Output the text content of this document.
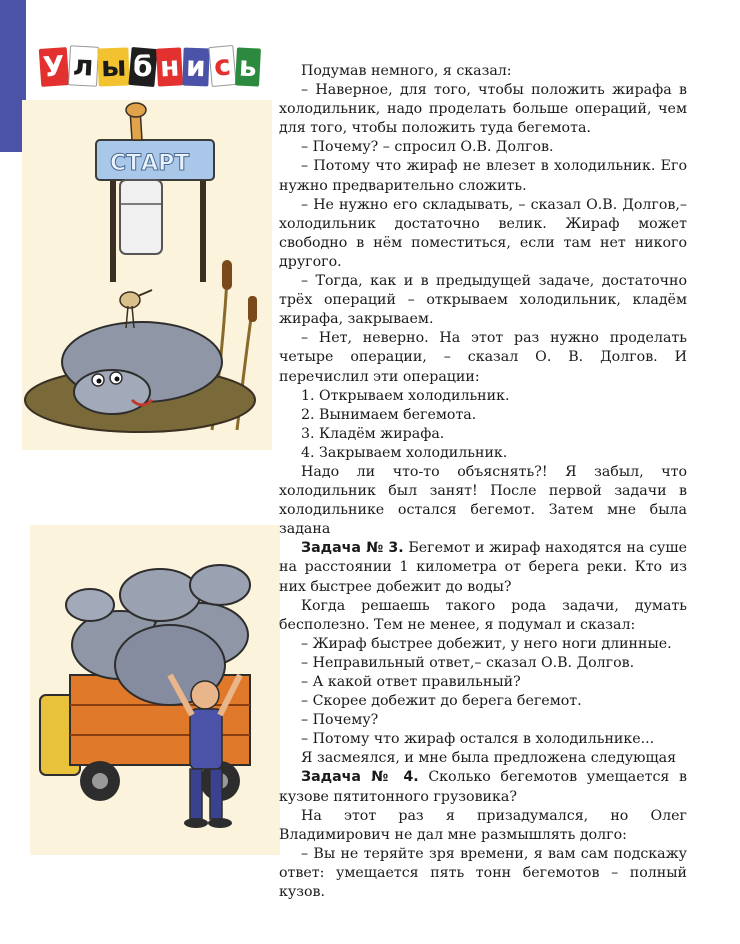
У л ы б н и с ь
СТАРТ

Подумав немного, я сказал:

– Наверное, для того, чтобы положить жирафа в холодильник, надо проделать больше операций, чем для того, чтобы положить туда бегемота.

– Почему? – спросил О.В. Долгов.

– Потому что жираф не влезет в холодильник. Его нужно предварительно сложить.

– Не нужно его складывать, – сказал О.В. Долгов,– холодильник достаточно велик. Жираф может свободно в нём поместиться, если там нет никого другого.

– Тогда, как и в предыдущей задаче, достаточно трёх операций – открываем холодильник, кладём жирафа, закрываем.

– Нет, неверно. На этот раз нужно проделать четыре операции, – сказал О. В. Долгов. И перечислил эти операции:

1. Открываем холодильник.

2. Вынимаем бегемота.

3. Кладём жирафа.

4. Закрываем холодильник.

Надо ли что-то объяснять?! Я забыл, что холодильник был занят! После первой задачи в холодильнике остался бегемот. Затем мне была задана

Задача № 3. Бегемот и жираф находятся на суше на расстоянии 1 километра от берега реки. Кто из них быстрее добежит до воды?

Когда решаешь такого рода задачи, думать бесполезно. Тем не менее, я подумал и сказал:

– Жираф быстрее добежит, у него ноги длинные.

– Неправильный ответ,– сказал О.В. Долгов.

– А какой ответ правильный?

– Скорее добежит до берега бегемот.

– Почему?

– Потому что жираф остался в холодильнике...

Я засмеялся, и мне была предложена следующая

Задача № 4. Сколько бегемотов умещается в кузове пятитонного грузовика?

На этот раз я призадумался, но Олег Владимирович не дал мне размышлять долго:

– Вы не теряйте зря времени, я вам сам подскажу ответ: умещается пять тонн бегемотов – полный кузов.
